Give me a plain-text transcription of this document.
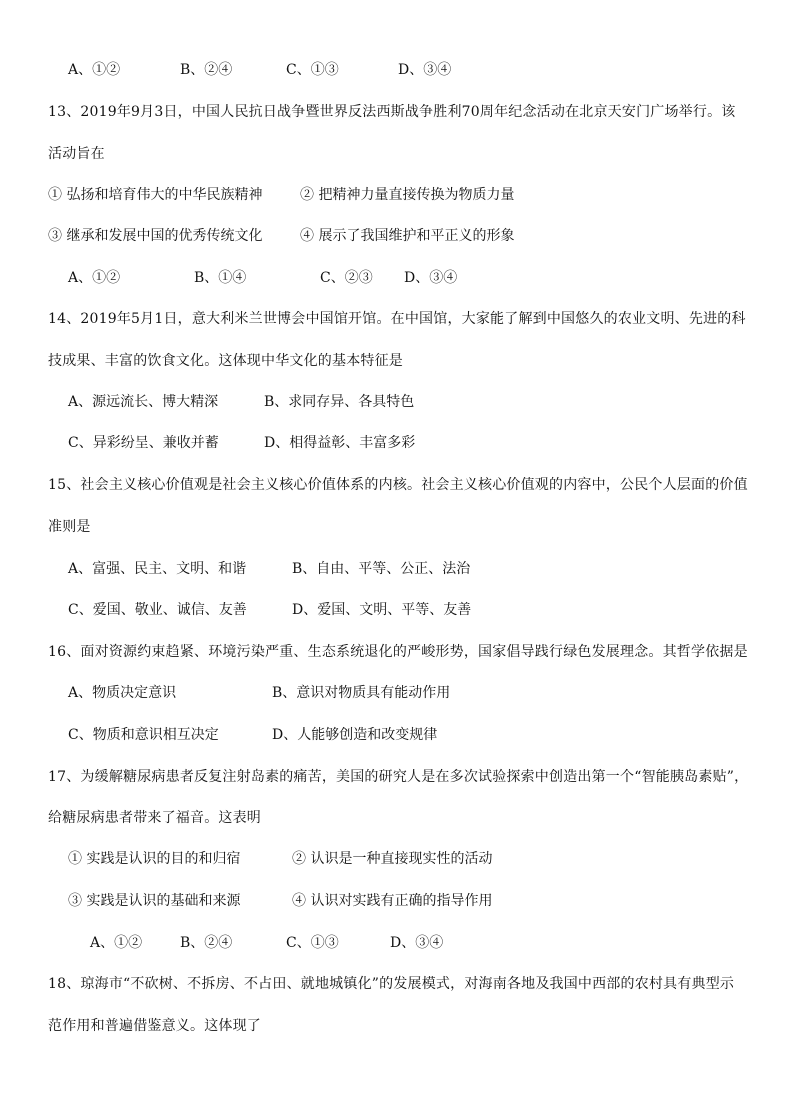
A、①②	B、②④	C、①③	D、③④
13、2019年9月3日，中国人民抗日战争暨世界反法西斯战争胜利70周年纪念活动在北京天安门广场举行。该
活动旨在
① 弘扬和培育伟大的中华民族精神	② 把精神力量直接传换为物质力量
③ 继承和发展中国的优秀传统文化	④ 展示了我国维护和平正义的形象
A、①②	B、①④	C、②③ D、③④
14、2019年5月1日，意大利米兰世博会中国馆开馆。在中国馆，大家能了解到中国悠久的农业文明、先进的科
技成果、丰富的饮食文化。这体现中华文化的基本特征是
A、源远流长、博大精深	B、求同存异、各具特色
C、异彩纷呈、兼收并蓄	D、相得益彰、丰富多彩
15、社会主义核心价值观是社会主义核心价值体系的内核。社会主义核心价值观的内容中，公民个人层面的价值
准则是
A、富强、民主、文明、和谐	B、自由、平等、公正、法治
C、爱国、敬业、诚信、友善	D、爱国、文明、平等、友善
16、面对资源约束趋紧、环境污染严重、生态系统退化的严峻形势，国家倡导践行绿色发展理念。其哲学依据是
A、物质决定意识	B、意识对物质具有能动作用
C、物质和意识相互决定	D、人能够创造和改变规律
17、为缓解糖尿病患者反复注射岛素的痛苦，美国的研究人是在多次试验探索中创造出第一个“智能胰岛素贴”，
给糖尿病患者带来了福音。这表明
① 实践是认识的目的和归宿	② 认识是一种直接现实性的活动
③ 实践是认识的基础和来源	④ 认识对实践有正确的指导作用
A、①②	B、②④	C、①③	D、③④
18、琼海市“不砍树、不拆房、不占田、就地城镇化”的发展模式，对海南各地及我国中西部的农村具有典型示
范作用和普遍借鉴意义。这体现了
